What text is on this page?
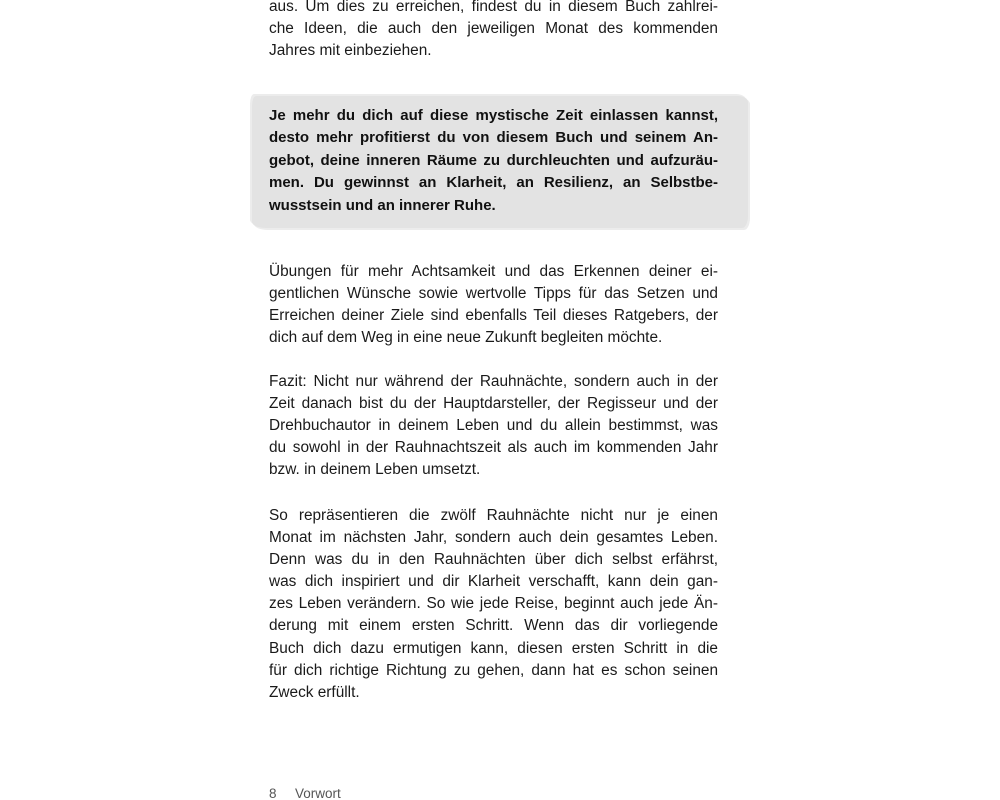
aus. Um dies zu erreichen, findest du in diesem Buch zahlrei-
che Ideen, die auch den jeweiligen Monat des kommenden
Jahres mit einbeziehen.

Je mehr du dich auf diese mystische Zeit einlassen kannst,
desto mehr profitierst du von diesem Buch und seinem An-
gebot, deine inneren Räume zu durchleuchten und aufzuräu-
men. Du gewinnst an Klarheit, an Resilienz, an Selbstbe-
wusstsein und an innerer Ruhe.

Übungen für mehr Achtsamkeit und das Erkennen deiner ei-
gentlichen Wünsche sowie wertvolle Tipps für das Setzen und
Erreichen deiner Ziele sind ebenfalls Teil dieses Ratgebers, der
dich auf dem Weg in eine neue Zukunft begleiten möchte.

Fazit: Nicht nur während der Rauhnächte, sondern auch in der
Zeit danach bist du der Hauptdarsteller, der Regisseur und der
Drehbuchautor in deinem Leben und du allein bestimmst, was
du sowohl in der Rauhnachtszeit als auch im kommenden Jahr
bzw. in deinem Leben umsetzt.

So repräsentieren die zwölf Rauhnächte nicht nur je einen
Monat im nächsten Jahr, sondern auch dein gesamtes Leben.
Denn was du in den Rauhnächten über dich selbst erfährst,
was dich inspiriert und dir Klarheit verschafft, kann dein gan-
zes Leben verändern. So wie jede Reise, beginnt auch jede Än-
derung mit einem ersten Schritt. Wenn das dir vorliegende
Buch dich dazu ermutigen kann, diesen ersten Schritt in die
für dich richtige Richtung zu gehen, dann hat es schon seinen
Zweck erfüllt.

8 Vorwort
